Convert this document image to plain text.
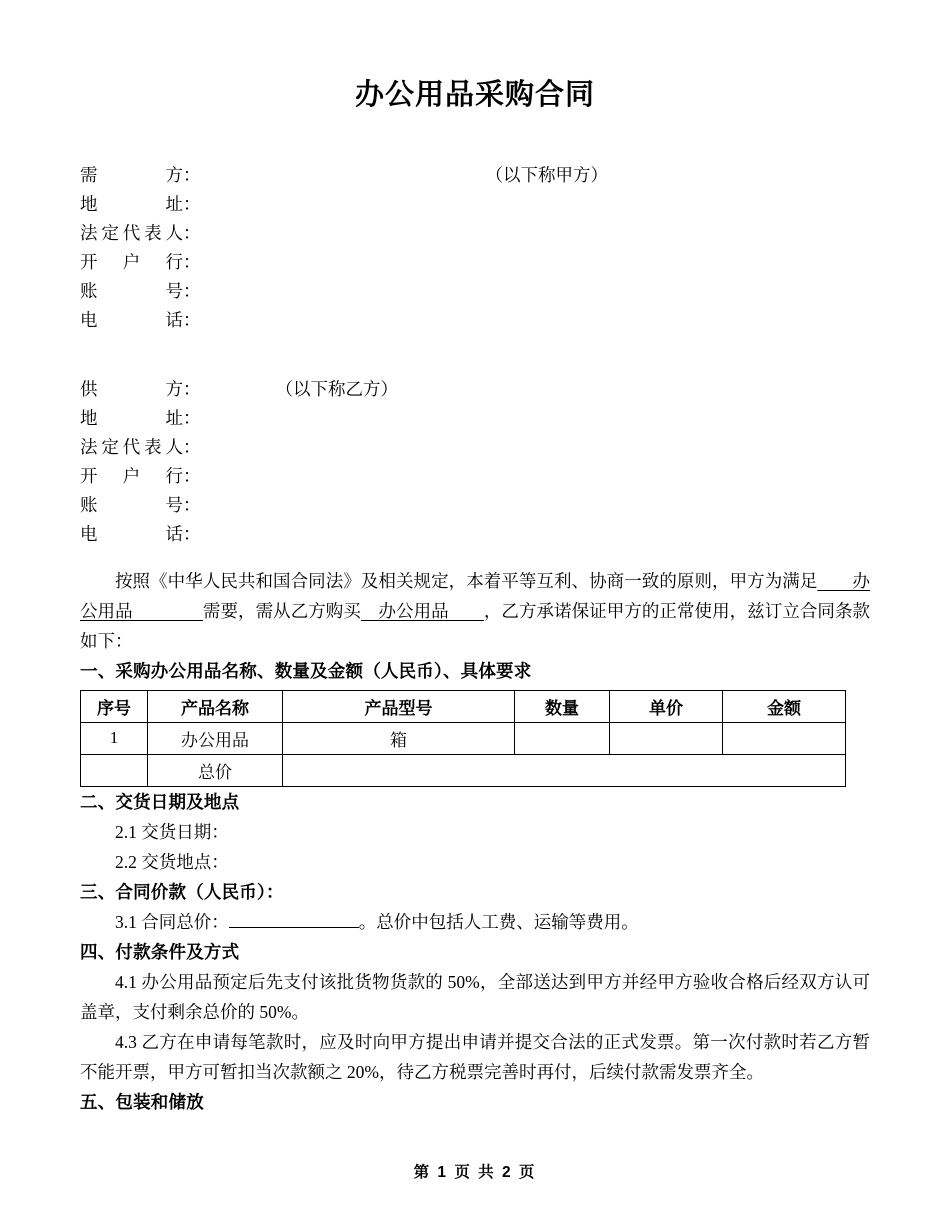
办公用品采购合同
需　方：	（以下称甲方）
地　址：
法定代表人：
开　户　行：
账　号：
电　话：
供　方：	（以下称乙方）
地　址：
法定代表人：
开　户　行：
账　号：
电　话：

按照《中华人民共和国合同法》及相关规定，本着平等互利、协商一致的原则，甲方为满足　　办公用品　　　　需要，需从乙方购买　办公用品　　，乙方承诺保证甲方的正常使用，兹订立合同条款如下：

一、采购办公用品名称、数量及金额（人民币）、具体要求
序号	产品名称	产品型号	数量	单价	金额
1	办公用品	箱			
	总价				
二、交货日期及地点

2.1 交货日期：

2.2 交货地点：

三、合同价款（人民币）：

3.1 合同总价：	。总价中包括人工费、运输等费用。

四、付款条件及方式

4.1 办公用品预定后先支付该批货物货款的 50%，全部送达到甲方并经甲方验收合格后经双方认可盖章，支付剩余总价的 50%。

4.3 乙方在申请每笔款时，应及时向甲方提出申请并提交合法的正式发票。第一次付款时若乙方暂不能开票，甲方可暂扣当次款额之 20%，待乙方税票完善时再付，后续付款需发票齐全。

五、包装和储放
第 1 页 共 2 页
